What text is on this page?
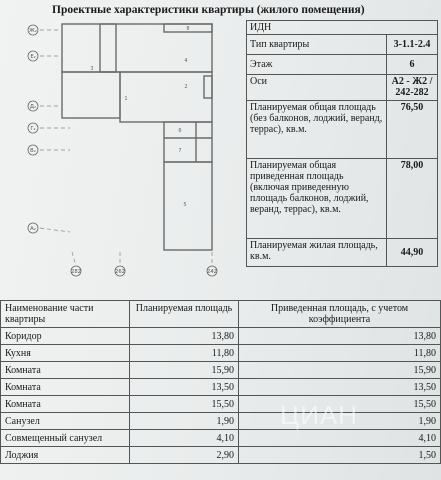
Проектные характеристики квартиры (жилого помещения)
Ж₂
Е₂
Д₂
Г₂
В₂
А₂
282	262	242
8
3
1
4
5
6
7
2
ИДН	
Тип квартиры	3-1.1-2.4
Этаж	6
Оси	А2 - Ж2 / 242-282
Планируемая общая площадь (без балконов, лоджий, веранд, террас), кв.м.	76,50
Планируемая общая приведенная площадь (включая приведенную площадь балконов, лоджий, веранд, террас), кв.м.	78,00
Планируемая жилая площадь, кв.м.	44,90
Наименование части квартиры	Планируемая площадь	Приведенная площадь, с учетом коэффициента
Коридор	13,80	13,80
Кухня	11,80	11,80
Комната	15,90	15,90
Комната	13,50	13,50
Комната	15,50	15,50
Санузел	1,90	1,90
Совмещенный санузел	4,10	4,10
Лоджия	2,90	1,50
ЦИАН
